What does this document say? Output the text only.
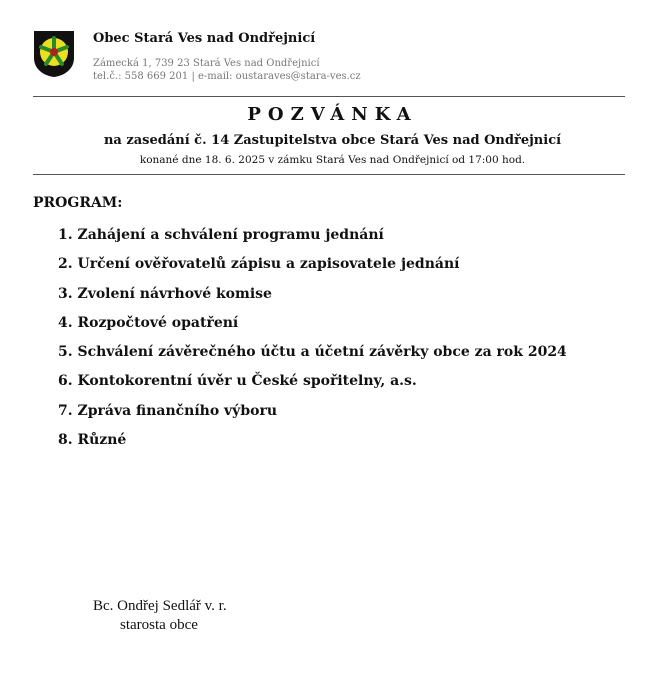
Obec Stará Ves nad Ondřejnicí
Zámecká 1, 739 23 Stará Ves nad Ondřejnicí
tel.č.: 558 669 201 | e-mail: oustaraves@stara-ves.cz
POZVÁNKA
na zasedání č. 14 Zastupitelstva obce Stará Ves nad Ondřejnicí
konané dne 18. 6. 2025 v zámku Stará Ves nad Ondřejnicí od 17:00 hod.
PROGRAM:
1. Zahájení a schválení programu jednání
2. Určení ověřovatelů zápisu a zapisovatele jednání
3. Zvolení návrhové komise
4. Rozpočtové opatření
5. Schválení závěrečného účtu a účetní závěrky obce za rok 2024
6. Kontokorentní úvěr u České spořitelny, a.s.
7. Zpráva finančního výboru
8. Různé
Bc. Ondřej Sedlář v. r.
starosta obce
